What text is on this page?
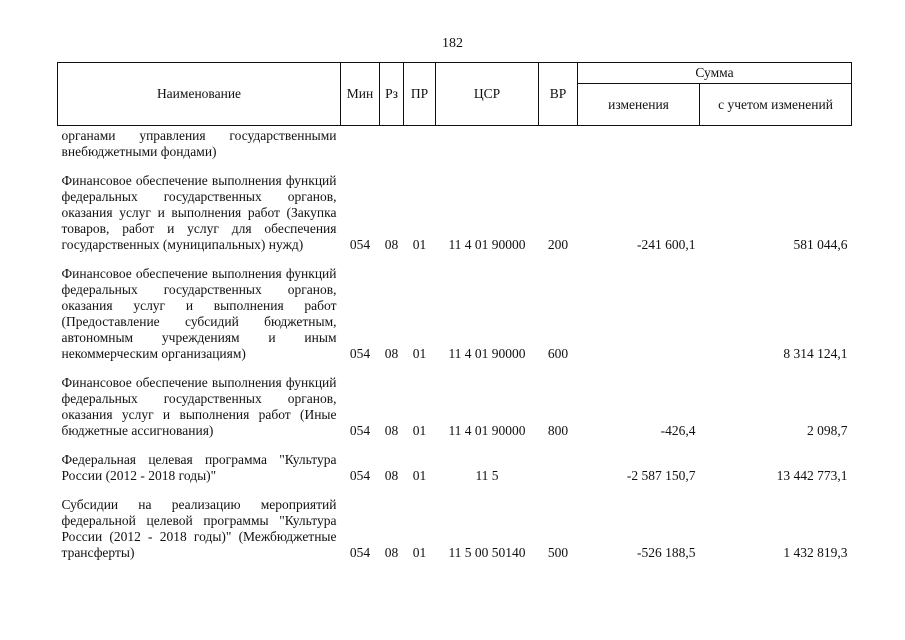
182
Наименование	Мин	Рз	ПР	ЦСР	ВР	Сумма	
						изменения	с учетом изменений
органами управления государственными внебюджетными фондами)							

Финансовое обеспечение выполнения функций федеральных государственных органов, оказания услуг и выполнения работ (Закупка товаров, работ и услуг для обеспечения государственных (муниципальных) нужд)	054	08	01	11 4 01 90000	200	-241 600,1	581 044,6

Финансовое обеспечение выполнения функций федеральных государственных органов, оказания услуг и выполнения работ (Предоставление субсидий бюджетным, автономным учреждениям и иным некоммерческим организациям)	054	08	01	11 4 01 90000	600		8 314 124,1

Финансовое обеспечение выполнения функций федеральных государственных органов, оказания услуг и выполнения работ (Иные бюджетные ассигнования)	054	08	01	11 4 01 90000	800	-426,4	2 098,7

Федеральная целевая программа "Культура России (2012 - 2018 годы)"	054	08	01	11 5		-2 587 150,7	13 442 773,1

Субсидии на реализацию мероприятий федеральной целевой программы "Культура России (2012 - 2018 годы)" (Межбюджетные трансферты)	054	08	01	11 5 00 50140	500	-526 188,5	1 432 819,3
